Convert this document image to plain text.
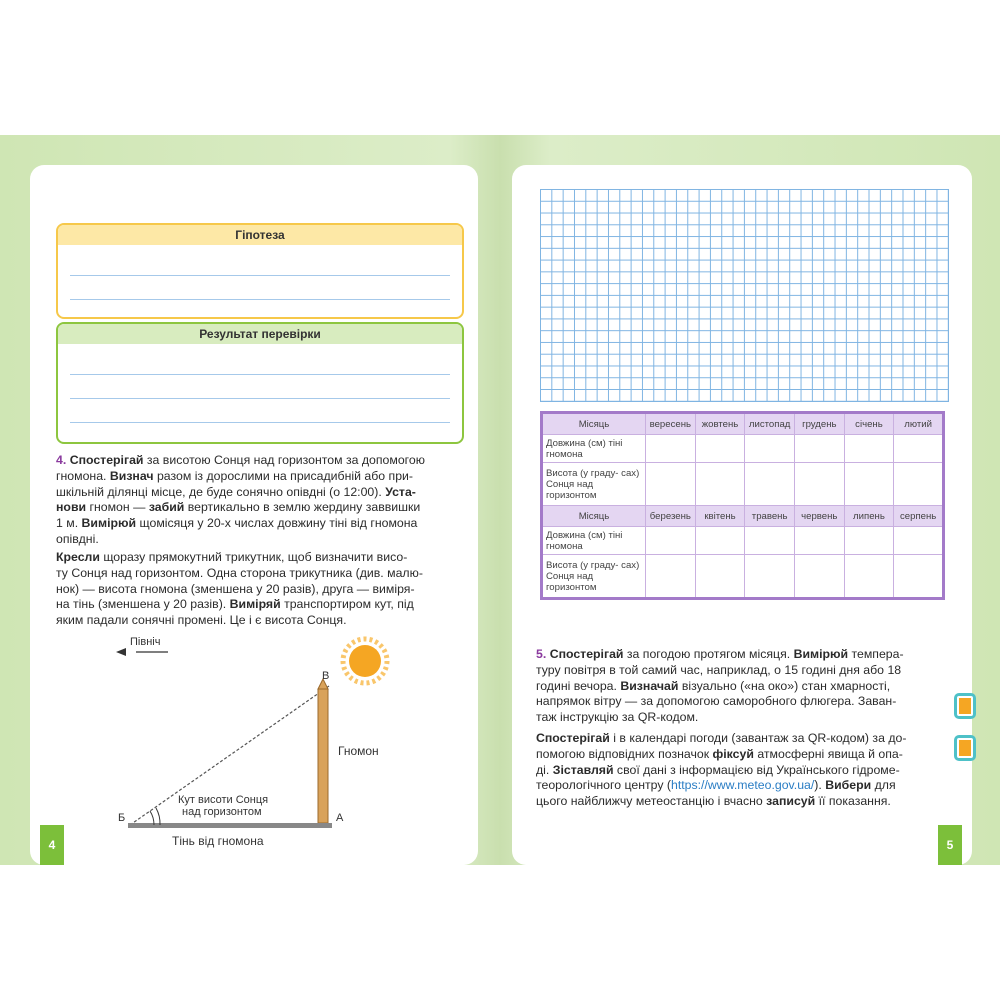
Гіпотеза
Результат перевірки

4. Спостерігай за висотою Сонця над горизонтом за допомогою
гномона. Визнач разом із дорослими на присадибній або при-
шкільній ділянці місце, де буде сонячно опівдні (о 12:00). Уста-
нови гномон — забий вертикально в землю жердину заввишки
1 м. Вимірюй щомісяця у 20-х числах довжину тіні від гномона
опівдні.

Кресли щоразу прямокутний трикутник, щоб визначити висо-
ту Сонця над горизонтом. Одна сторона трикутника (див. малю-
нок) — висота гномона (зменшена у 20 разів), друга — виміря-
на тінь (зменшена у 20 разів). Виміряй транспортиром кут, під
яким падали сонячні промені. Це і є висота Сонця.

Північ
B
A
Б
Гномон
Кут висоти Сонця
над горизонтом
Тінь від гномона
4
Місяць	вересень	жовтень	листопад	грудень	січень	лютий
Довжина (см) тіні гномона						
Висота (у граду- сах) Сонця над горизонтом						
Місяць	березень	квітень	травень	червень	липень	серпень
Довжина (см) тіні гномона						
Висота (у граду- сах) Сонця над горизонтом						

5. Спостерігай за погодою протягом місяця. Вимірюй темпера-
туру повітря в той самий час, наприклад, о 15 годині дня або 18
годині вечора. Визначай візуально («на око») стан хмарності,
напрямок вітру — за допомогою саморобного флюгера. Заван-
таж інструкцію за QR-кодом.

Спостерігай і в календарі погоди (завантаж за QR-кодом) за до-
помогою відповідних позначок фіксуй атмосферні явища й опа-
ді. Зіставляй свої дані з інформацією від Українського гідроме-
теорологічного центру (https://www.meteo.gov.ua/). Вибери для
цього найближчу метеостанцію і вчасно записуй її показання.

5
